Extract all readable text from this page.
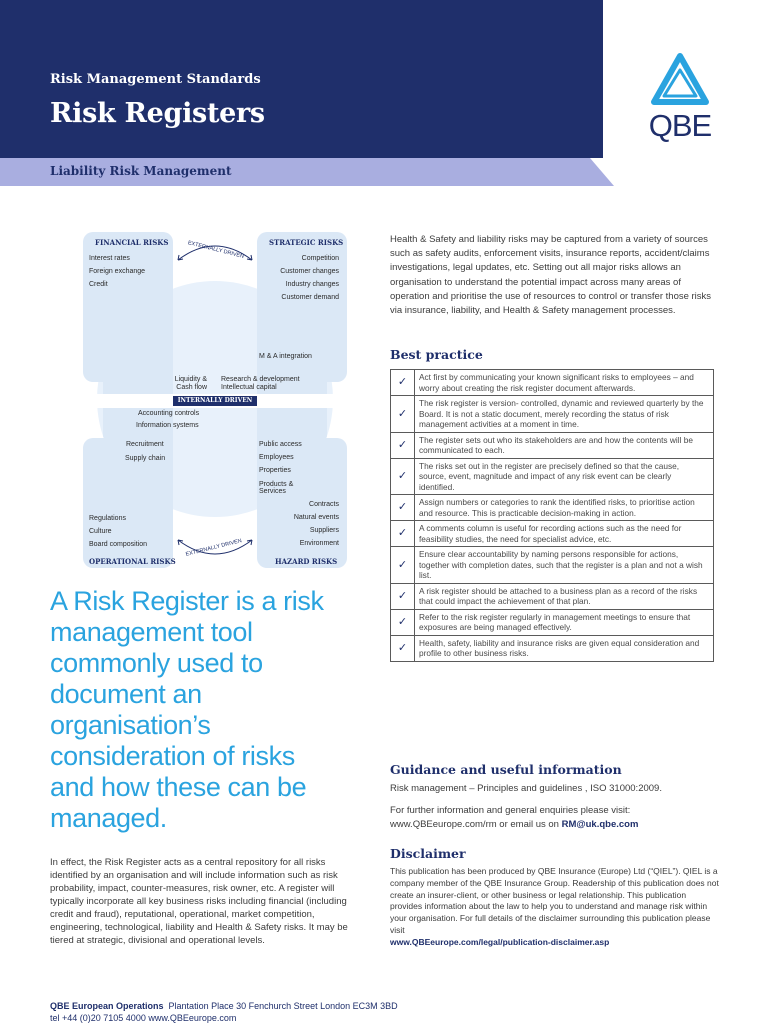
Risk Management Standards
Risk Registers
Liability Risk Management
QBE
FINANCIAL RISKS	STRATEGIC RISKS
OPERATIONAL RISKS	HAZARD RISKS
EXTERNALLY DRIVEN
EXTERNALLY DRIVEN
INTERNALLY DRIVEN
Interest rates
Foreign exchange
Credit
Competition
Customer changes
Industry changes
Customer demand
M & A integration
Liquidity &
Cash flow
Research & development
Intellectual capital
Accounting controls
Information systems
Recruitment
Supply chain
Public access
Employees
Properties
Products &
Services
Contracts
Natural events
Suppliers
Environment
Regulations
Culture
Board composition
A Risk Register is a risk management tool commonly used to document an organisation’s consideration of risks and how these can be managed.
In effect, the Risk Register acts as a central repository for all risks identified by an organisation and will include information such as risk probability, impact, counter-measures, risk owner, etc. A register will typically incorporate all key business risks including financial (including credit and fraud), reputational, operational, market competition, engineering, technological, liability and Health & Safety risks. It may be tiered at strategic, divisional and operational levels.
Health & Safety and liability risks may be captured from a variety of sources such as safety audits, enforcement visits, insurance reports, accident/claims investigations, legal updates, etc. Setting out all major risks allows an organisation to understand the potential impact across many areas of operation and prioritise the use of resources to control or transfer those risks via insurance, liability, and Health & Safety management processes.
Best practice
✓	Act first by communicating your known significant risks to employees – and worry about creating the risk register document afterwards.
✓	The risk register is version- controlled, dynamic and reviewed quarterly by the Board. It is not a static document, merely recording the status of risk management activities at a moment in time.
✓	The register sets out who its stakeholders are and how the contents will be communicated to each.
✓	The risks set out in the register are precisely defined so that the cause, source, event, magnitude and impact of any risk event can be clearly identified.
✓	Assign numbers or categories to rank the identified risks, to prioritise action and resource. This is practicable decision-making in action.
✓	A comments column is useful for recording actions such as the need for feasibility studies, the need for specialist advice, etc.
✓	Ensure clear accountability by naming persons responsible for actions, together with completion dates, such that the register is a plan and not a wish list.
✓	A risk register should be attached to a business plan as a record of the risks that could impact the achievement of that plan.
✓	Refer to the risk register regularly in management meetings to ensure that exposures are being managed effectively.
✓	Health, safety, liability and insurance risks are given equal consideration and profile to other business risks.
Guidance and useful information
Risk management – Principles and guidelines , ISO 31000:2009.
For further information and general enquiries please visit:
www.QBEeurope.com/rm or email us on RM@uk.qbe.com
Disclaimer
This publication has been produced by QBE Insurance (Europe) Ltd (“QIEL”). QIEL is a company member of the QBE Insurance Group. Readership of this publication does not create an insurer-client, or other business or legal relationship. This publication provides information about the law to help you to understand and manage risk within your organisation. For full details of the disclaimer surrounding this publication please visit
www.QBEeurope.com/legal/publication-disclaimer.asp
QBE European Operations Plantation Place 30 Fenchurch Street London EC3M 3BD
tel +44 (0)20 7105 4000 www.QBEeurope.com
